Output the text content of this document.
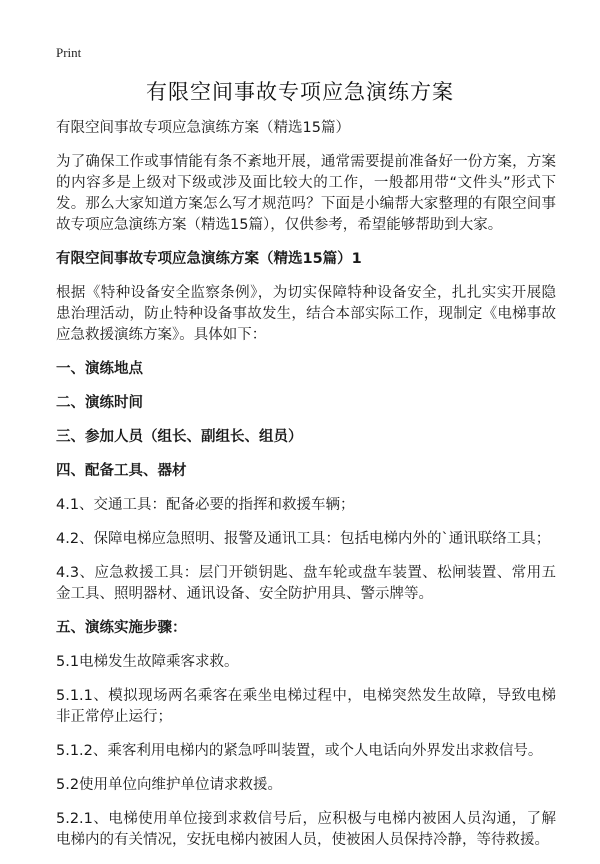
Print
有限空间事故专项应急演练方案

有限空间事故专项应急演练方案（精选15篇）

为了确保工作或事情能有条不紊地开展，通常需要提前准备好一份方案，方案的内容多是上级对下级或涉及面比较大的工作，一般都用带“文件头”形式下发。那么大家知道方案怎么写才规范吗？下面是小编帮大家整理的有限空间事故专项应急演练方案（精选15篇），仅供参考，希望能够帮助到大家。

有限空间事故专项应急演练方案（精选15篇）1

根据《特种设备安全监察条例》，为切实保障特种设备安全，扎扎实实开展隐患治理活动，防止特种设备事故发生，结合本部实际工作，现制定《电梯事故应急救援演练方案》。具体如下：

一、演练地点

二、演练时间

三、参加人员（组长、副组长、组员）

四、配备工具、器材

4.1、交通工具：配备必要的指挥和救援车辆；

4.2、保障电梯应急照明、报警及通讯工具：包括电梯内外的`通讯联络工具；

4.3、应急救援工具：层门开锁钥匙、盘车轮或盘车装置、松闸装置、常用五金工具、照明器材、通讯设备、安全防护用具、警示牌等。

五、演练实施步骤：

5.1电梯发生故障乘客求救。

5.1.1、模拟现场两名乘客在乘坐电梯过程中，电梯突然发生故障，导致电梯非正常停止运行；

5.1.2、乘客利用电梯内的紧急呼叫装置，或个人电话向外界发出求救信号。

5.2使用单位向维护单位请求救援。

5.2.1、电梯使用单位接到求救信号后，应积极与电梯内被困人员沟通，了解电梯内的有关情况，安抚电梯内被困人员，使被困人员保持冷静，等待救援。
